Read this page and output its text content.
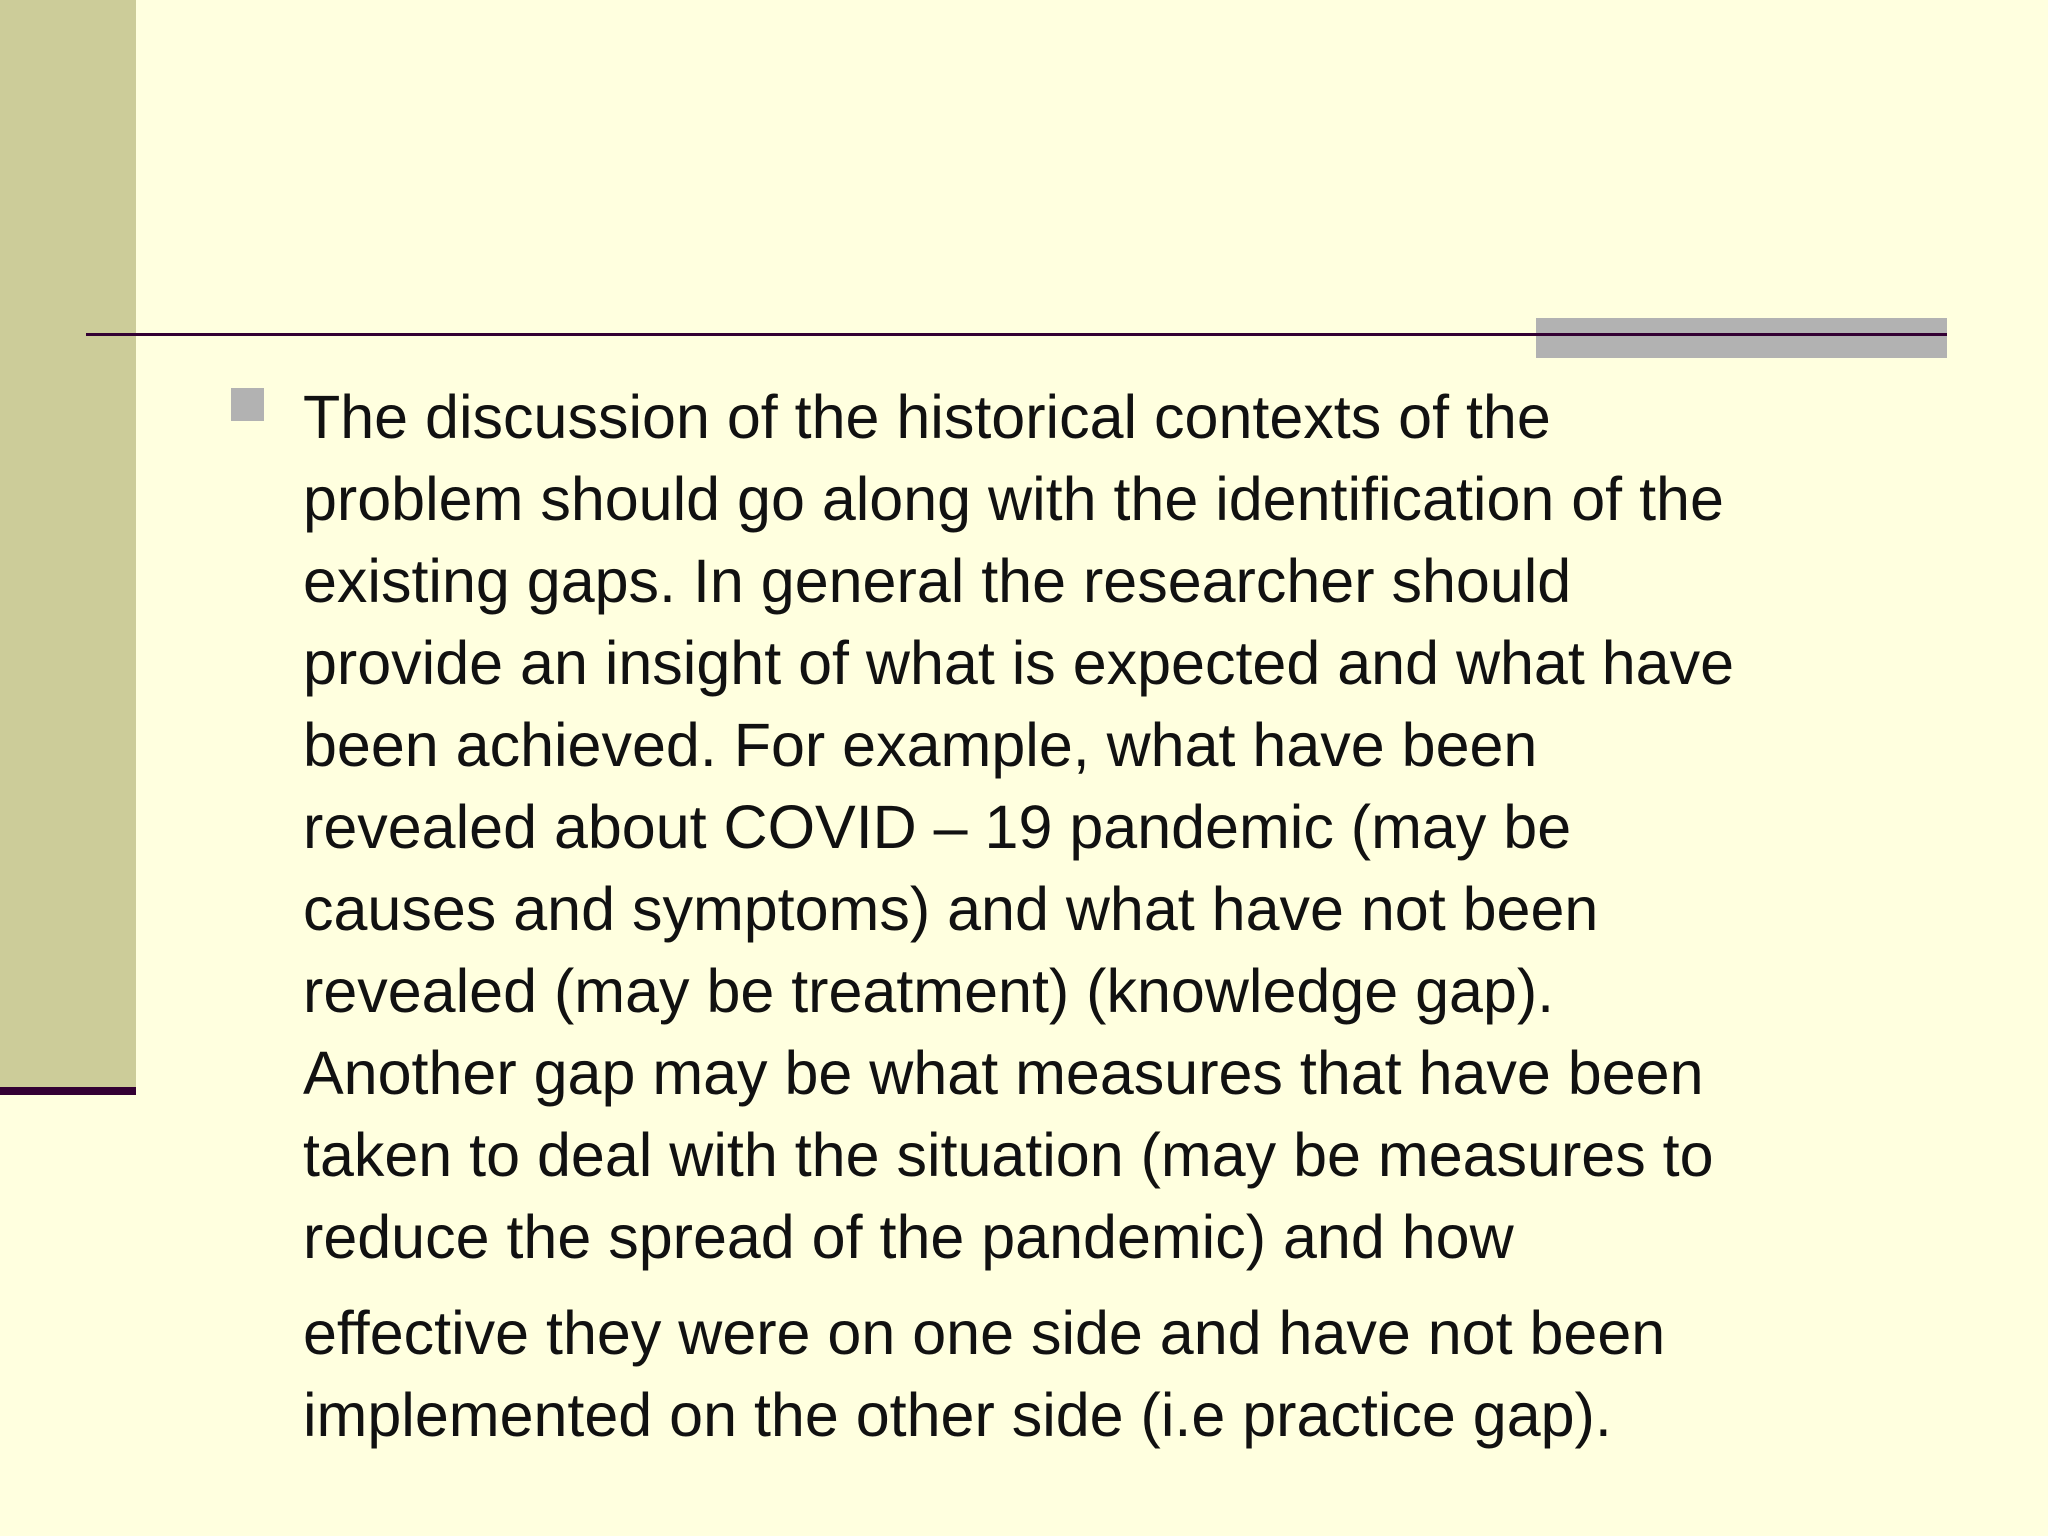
The discussion of the historical contexts of the
problem should go along with the identification of the
existing gaps. In general the researcher should
provide an insight of what is expected and what have
been achieved. For example, what have been
revealed about COVID – 19 pandemic (may be
causes and symptoms) and what have not been
revealed (may be treatment) (knowledge gap).
Another gap may be what measures that have been
taken to deal with the situation (may be measures to
reduce the spread of the pandemic) and how
effective they were on one side and have not been
implemented on the other side (i.e practice gap).
